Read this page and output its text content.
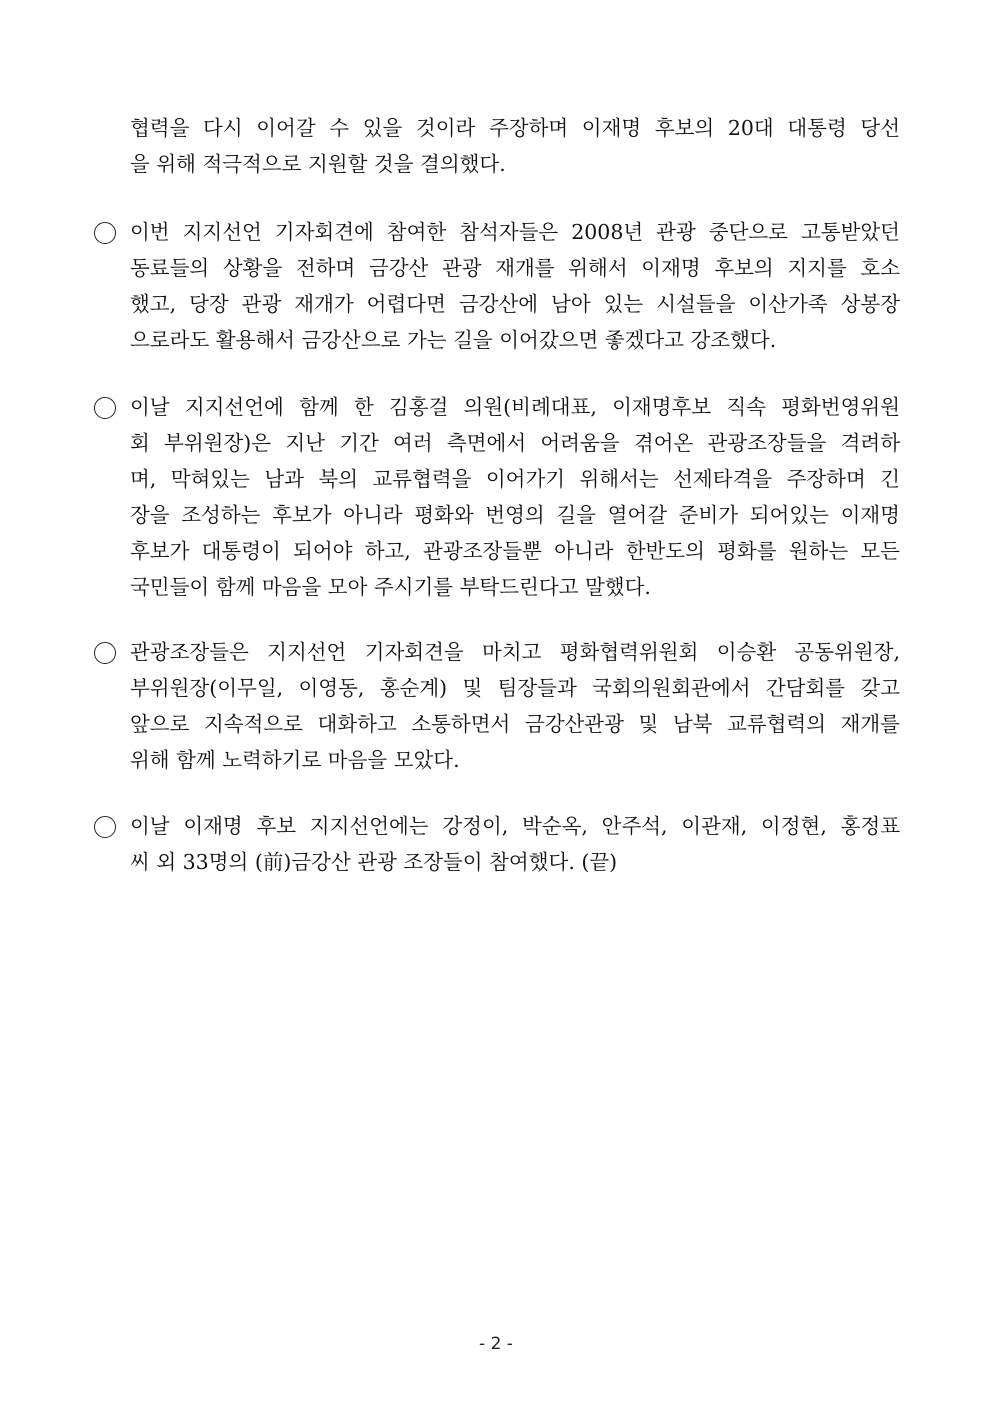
협력을 다시 이어갈 수 있을 것이라 주장하며 이재명 후보의 20대 대통령 당선
을 위해 적극적으로 지원할 것을 결의했다.
이번 지지선언 기자회견에 참여한 참석자들은 2008년 관광 중단으로 고통받았던
동료들의 상황을 전하며 금강산 관광 재개를 위해서 이재명 후보의 지지를 호소
했고, 당장 관광 재개가 어렵다면 금강산에 남아 있는 시설들을 이산가족 상봉장
으로라도 활용해서 금강산으로 가는 길을 이어갔으면 좋겠다고 강조했다.
이날 지지선언에 함께 한 김홍걸 의원(비례대표, 이재명후보 직속 평화번영위원
회 부위원장)은 지난 기간 여러 측면에서 어려움을 겪어온 관광조장들을 격려하
며, 막혀있는 남과 북의 교류협력을 이어가기 위해서는 선제타격을 주장하며 긴
장을 조성하는 후보가 아니라 평화와 번영의 길을 열어갈 준비가 되어있는 이재명
후보가 대통령이 되어야 하고, 관광조장들뿐 아니라 한반도의 평화를 원하는 모든
국민들이 함께 마음을 모아 주시기를 부탁드린다고 말했다.
관광조장들은 지지선언 기자회견을 마치고 평화협력위원회 이승환 공동위원장,
부위원장(이무일, 이영동, 홍순계) 및 팀장들과 국회의원회관에서 간담회를 갖고
앞으로 지속적으로 대화하고 소통하면서 금강산관광 및 남북 교류협력의 재개를
위해 함께 노력하기로 마음을 모았다.
이날 이재명 후보 지지선언에는 강정이, 박순옥, 안주석, 이관재, 이정현, 홍정표
씨 외 33명의 (前)금강산 관광 조장들이 참여했다. (끝)
- 2 -
